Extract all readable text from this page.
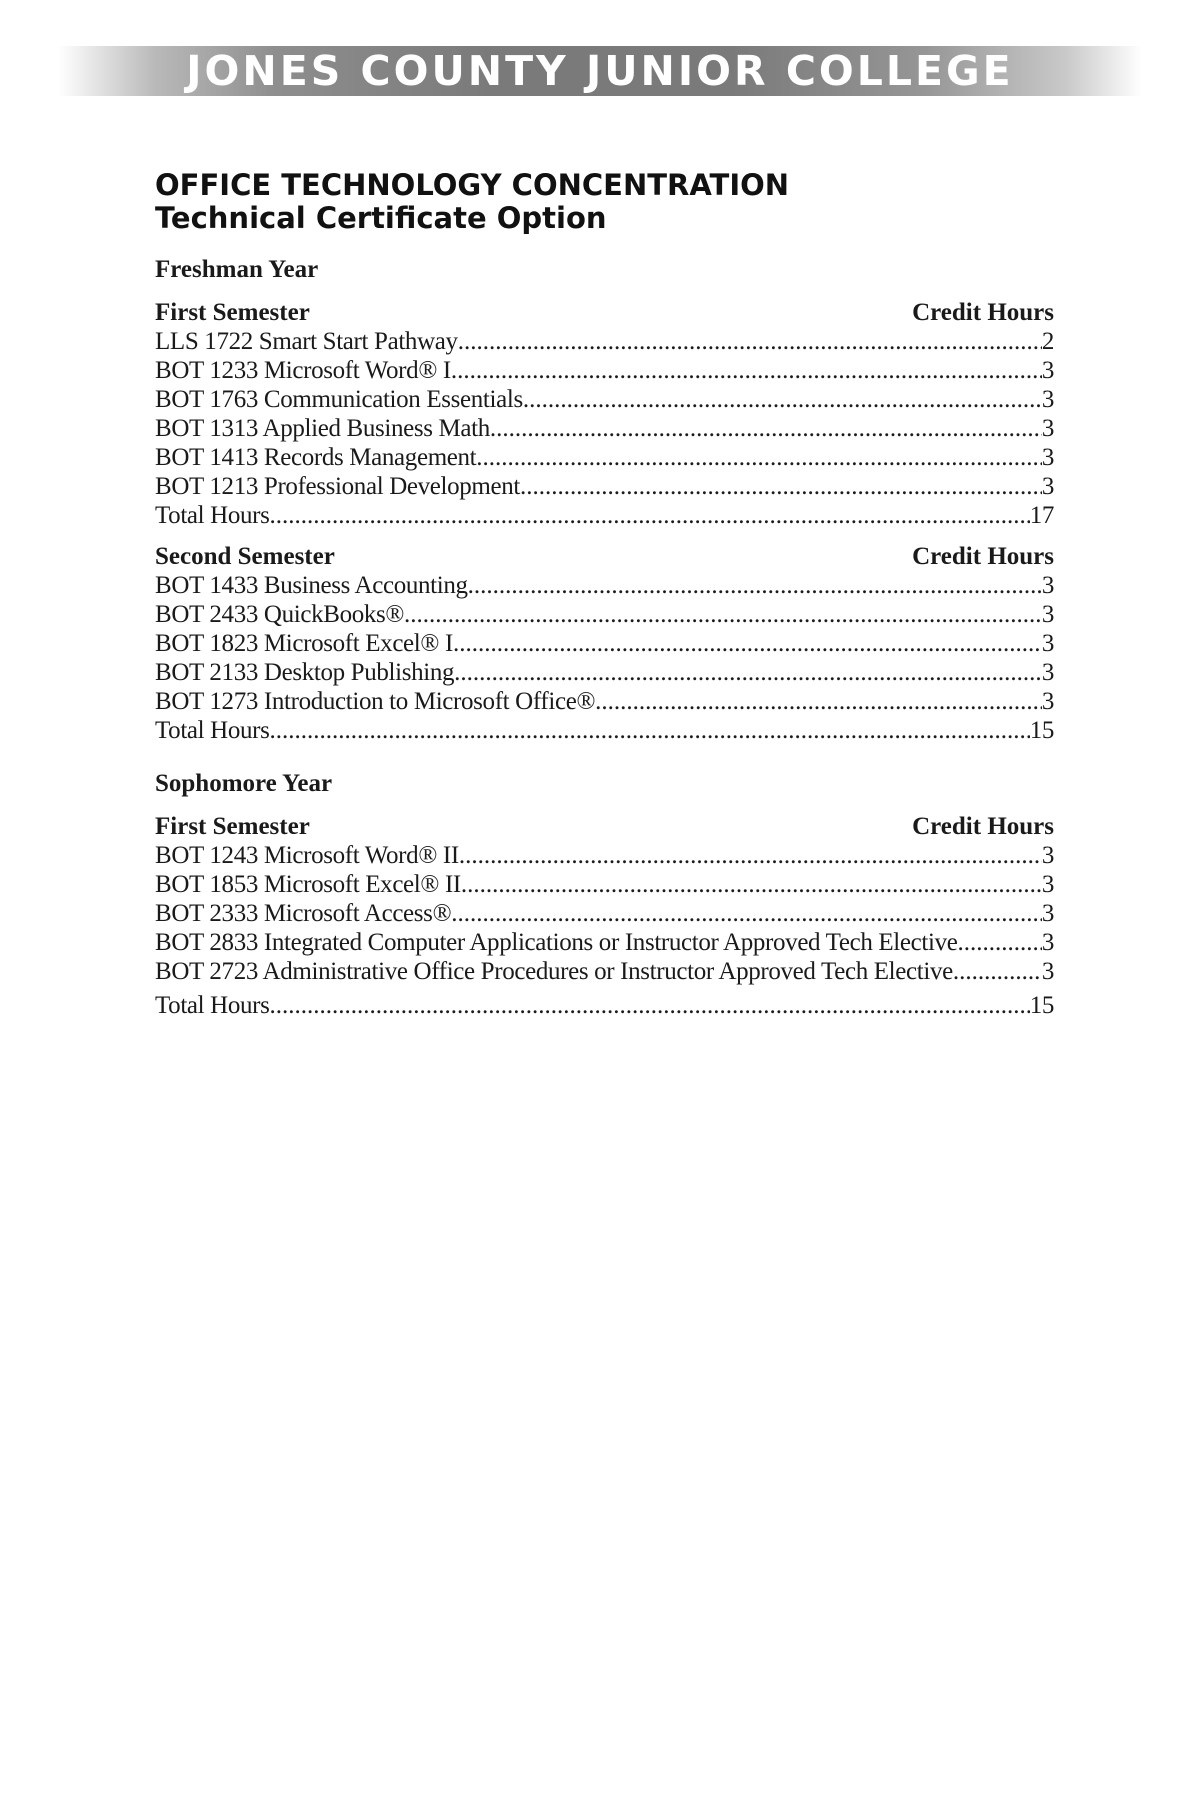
JONES COUNTY JUNIOR COLLEGE
OFFICE TECHNOLOGY CONCENTRATION
Technical Certificate Option
Freshman Year
First Semester	Credit Hours
LLS 1722 Smart Start Pathway .....	2
BOT 1233 Microsoft Word® I .....	3
BOT 1763 Communication Essentials .....	3
BOT 1313 Applied Business Math .....	3
BOT 1413 Records Management .....	3
BOT 1213 Professional Development .....	3
Total Hours .....	17
Second Semester	Credit Hours
BOT 1433 Business Accounting .....	3
BOT 2433 QuickBooks® .....	3
BOT 1823 Microsoft Excel® I .....	3
BOT 2133 Desktop Publishing .....	3
BOT 1273 Introduction to Microsoft Office® .....	3
Total Hours .....	15
Sophomore Year
First Semester	Credit Hours
BOT 1243 Microsoft Word® II .....	3
BOT 1853 Microsoft Excel® II .....	3
BOT 2333 Microsoft Access® .....	3
BOT 2833 Integrated Computer Applications or Instructor Approved Tech Elective .....	3
BOT 2723 Administrative Office Procedures or Instructor Approved Tech Elective .....	3
Total Hours .....	15
